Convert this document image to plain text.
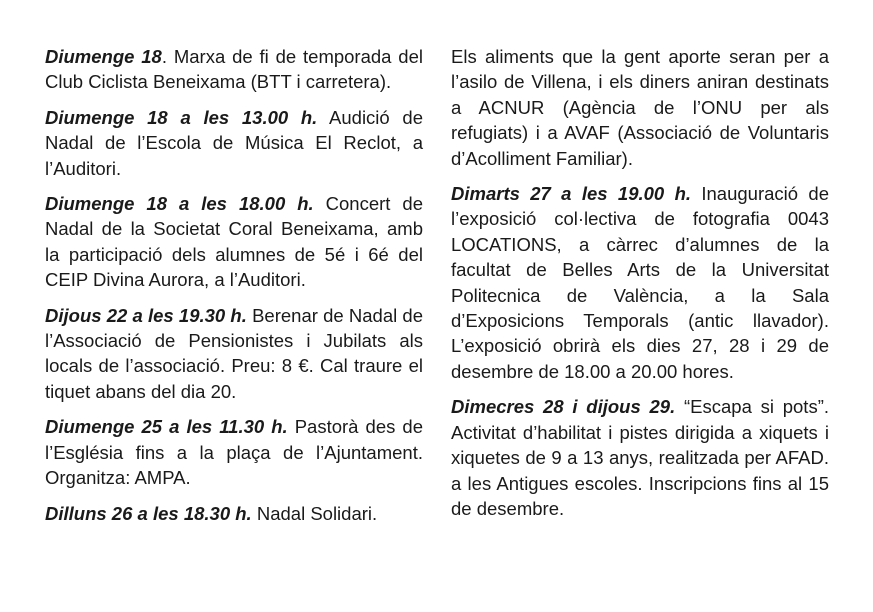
Diumenge 18. Marxa de fi de temporada del Club Ciclista Beneixama (BTT i carretera).

Diumenge 18 a les 13.00 h. Audició de Nadal de l’Escola de Música El Reclot, a l’Auditori.

Diumenge 18 a les 18.00 h. Concert de Nadal de la Societat Coral Beneixama, amb la participació dels alumnes de 5é i 6é del CEIP Divina Aurora, a l’Auditori.

Dijous 22 a les 19.30 h. Berenar de Nadal de l’Associació de Pensionistes i Jubilats als locals de l’associació. Preu: 8 €. Cal traure el tiquet abans del dia 20.

Diumenge 25 a les 11.30 h. Pastorà des de l’Església fins a la plaça de l’Ajuntament. Organitza: AMPA.

Dilluns 26 a les 18.30 h. Nadal Solidari.

Els aliments que la gent aporte seran per a l’asilo de Villena, i els diners aniran destinats a ACNUR (Agència de l’ONU per als refugiats) i a AVAF (Associació de Voluntaris d’Acolliment Familiar).

Dimarts 27 a les 19.00 h. Inauguració de l’exposició col·lectiva de fotografia 0043 LOCATIONS, a càrrec d’alumnes de la facultat de Belles Arts de la Universitat Politecnica de València, a la Sala d’Exposicions Temporals (antic llavador). L’exposició obrirà els dies 27, 28 i 29 de desembre de 18.00 a 20.00 hores.

Dimecres 28 i dijous 29. “Escapa si pots”. Activitat d’habilitat i pistes dirigida a xiquets i xiquetes de 9 a 13 anys, realitzada per AFAD. a les Antigues escoles. Inscripcions fins al 15 de desembre.
